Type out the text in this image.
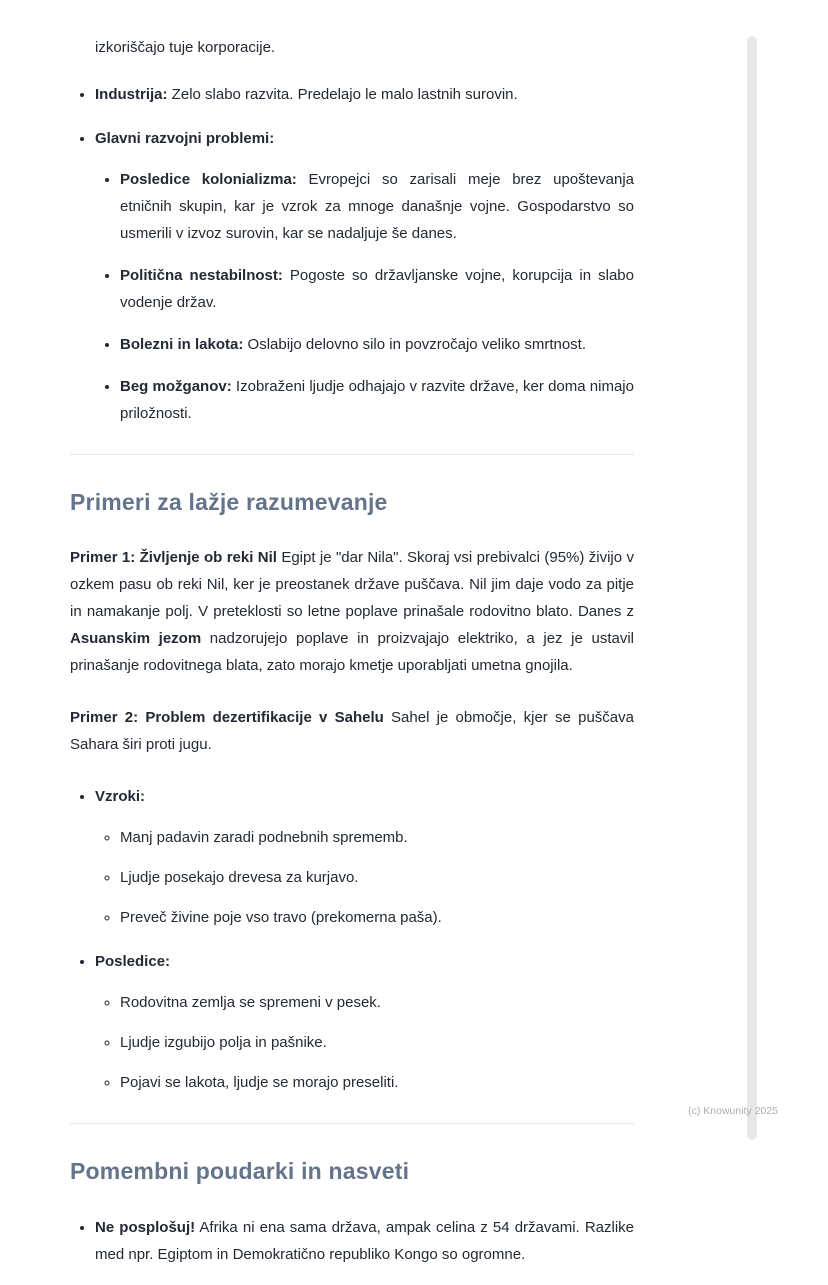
izkoriščajo tuje korporacije.

• Industrija: Zelo slabo razvita. Predelajo le malo lastnih surovin.
• Glavni razvojni problemi:
• Posledice kolonializma: Evropejci so zarisali meje brez upoštevanja etničnih skupin, kar je vzrok za mnoge današnje vojne. Gospodarstvo so usmerili v izvoz surovin, kar se nadaljuje še danes.
• Politična nestabilnost: Pogoste so državljanske vojne, korupcija in slabo vodenje držav.
• Bolezni in lakota: Oslabijo delovno silo in povzročajo veliko smrtnost.
• Beg možganov: Izobraženi ljudje odhajajo v razvite države, ker doma nimajo priložnosti.
Primeri za lažje razumevanje

Primer 1: Življenje ob reki Nil Egipt je "dar Nila". Skoraj vsi prebivalci (95%) živijo v ozkem pasu ob reki Nil, ker je preostanek države puščava. Nil jim daje vodo za pitje in namakanje polj. V preteklosti so letne poplave prinašale rodovitno blato. Danes z Asuanskim jezom nadzorujejo poplave in proizvajajo elektriko, a jez je ustavil prinašanje rodovitnega blata, zato morajo kmetje uporabljati umetna gnojila.

Primer 2: Problem dezertifikacije v Sahelu Sahel je območje, kjer se puščava Sahara širi proti jugu.

• Vzroki:
◦ Manj padavin zaradi podnebnih sprememb.
◦ Ljudje posekajo drevesa za kurjavo.
◦ Preveč živine poje vso travo (prekomerna paša).
• Posledice:
◦ Rodovitna zemlja se spremeni v pesek.
◦ Ljudje izgubijo polja in pašnike.
◦ Pojavi se lakota, ljudje se morajo preseliti.
Pomembni poudarki in nasveti
• Ne posplošuj! Afrika ni ena sama država, ampak celina z 54 državami. Razlike med npr. Egiptom in Demokratično republiko Kongo so ogromne.
(c) Knowunity 2025
